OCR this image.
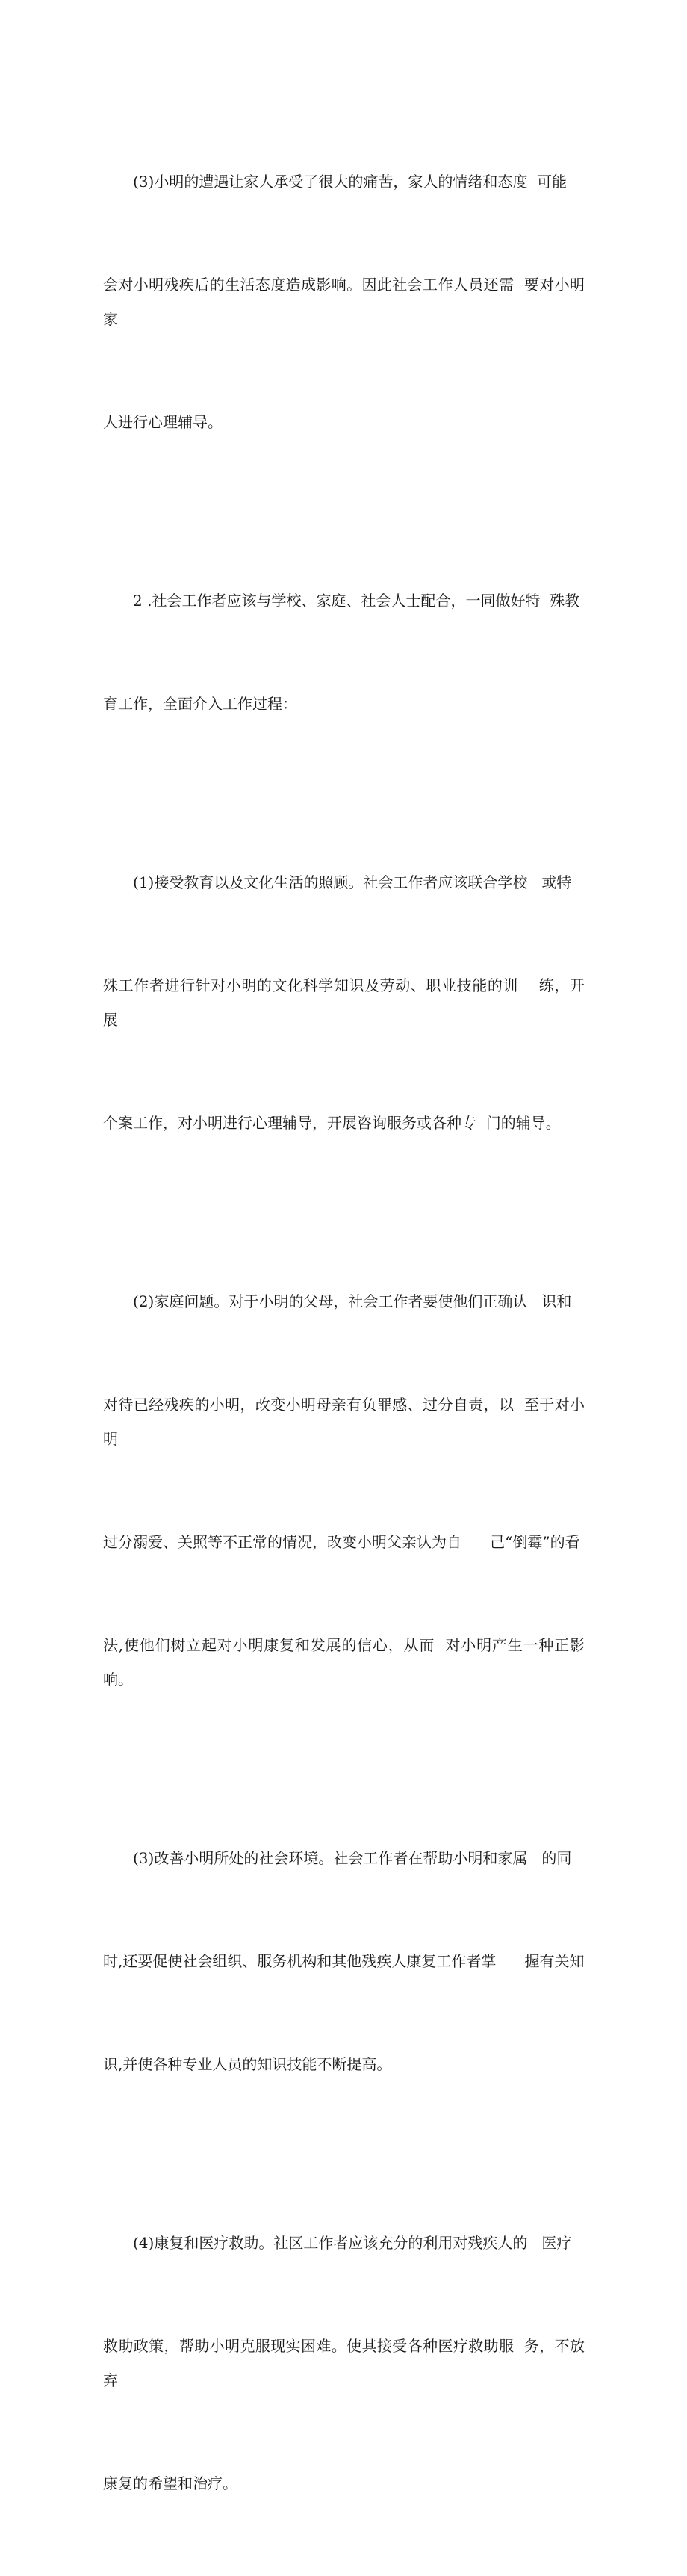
(3)小明的遭遇让家人承受了很大的痛苦，家人的情绪和态度  可能

会对小明残疾后的生活态度造成影响。因此社会工作人员还需  要对小明家

人进行心理辅导。

2 .社会工作者应该与学校、家庭、社会人士配合，一同做好特  殊教

育工作，全面介入工作过程：

(1)接受教育以及文化生活的照顾。社会工作者应该联合学校   或特

殊工作者进行针对小明的文化科学知识及劳动、职业技能的训    练，开展

个案工作，对小明进行心理辅导，开展咨询服务或各种专  门的辅导。

(2)家庭问题。对于小明的父母，社会工作者要使他们正确认   识和

对待已经残疾的小明，改变小明母亲有负罪感、过分自责，以  至于对小明

过分溺爱、关照等不正常的情况，改变小明父亲认为自      己“倒霉”的看

法,使他们树立起对小明康复和发展的信心，从而  对小明产生一种正影响。

(3)改善小明所处的社会环境。社会工作者在帮助小明和家属   的同

时,还要促使社会组织、服务机构和其他残疾人康复工作者掌      握有关知

识,并使各种专业人员的知识技能不断提高。

(4)康复和医疗救助。社区工作者应该充分的利用对残疾人的   医疗

救助政策，帮助小明克服现实困难。使其接受各种医疗救助服  务，不放弃

康复的希望和治疗。
